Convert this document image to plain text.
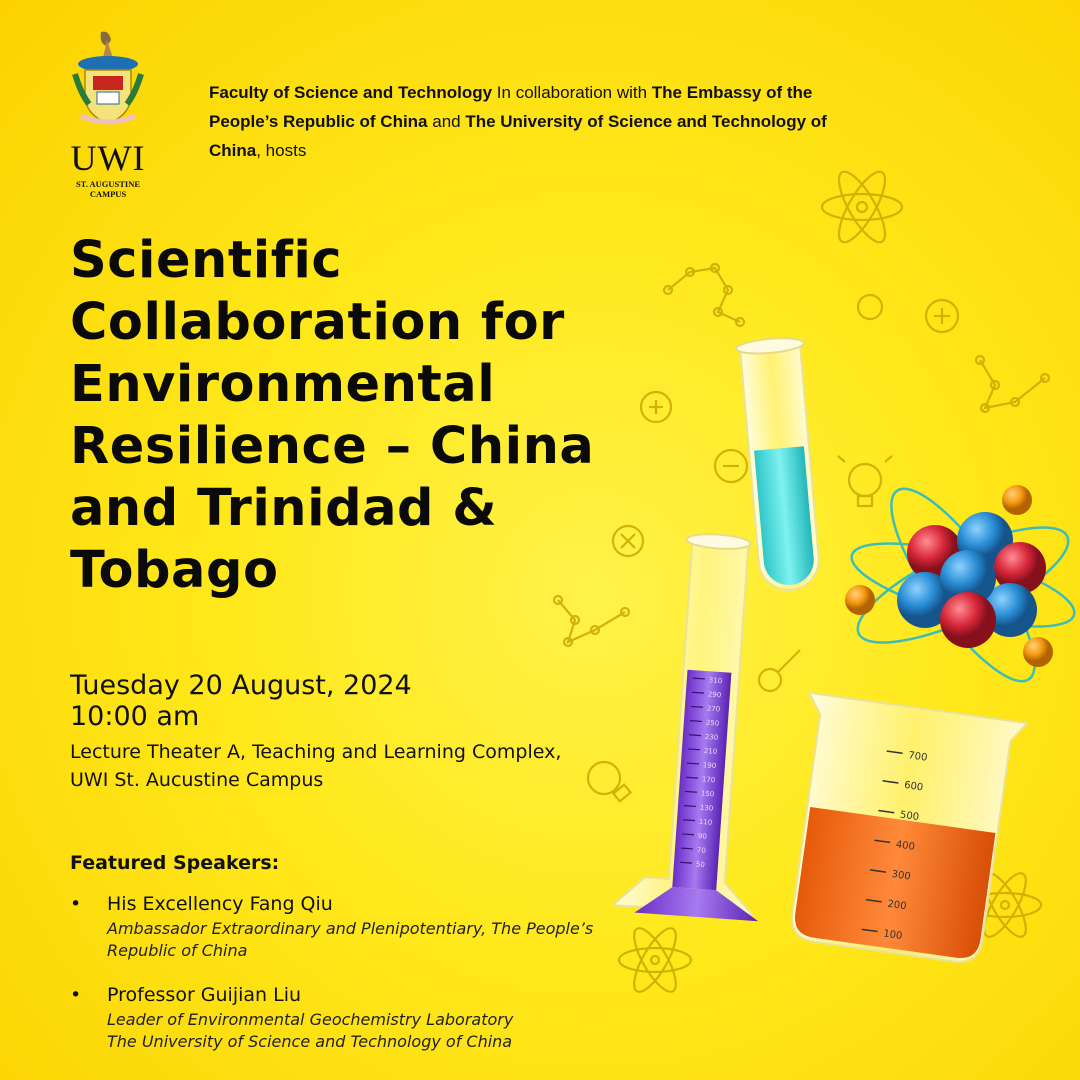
UWI
ST. AUGUSTINE
CAMPUS
Faculty of Science and Technology In collaboration with The Embassy of the People’s Republic of China and The University of Science and Technology of China, hosts
Scientific
Collaboration for
Environmental
Resilience – China
and Trinidad &
Tobago
Tuesday 20 August, 2024
10:00 am
Lecture Theater A, Teaching and Learning Complex, UWI St. Aucustine Campus
Featured Speakers:
• His Excellency Fang Qiu
Ambassador Extraordinary and Plenipotentiary, The People’s Republic of China
• Professor Guijian Liu
Leader of Environmental Geochemistry Laboratory
The University of Science and Technology of China
310
290
270
250
230
210
190
170
150
130
110
90
70
50
700
600
500
400
300
200
100
